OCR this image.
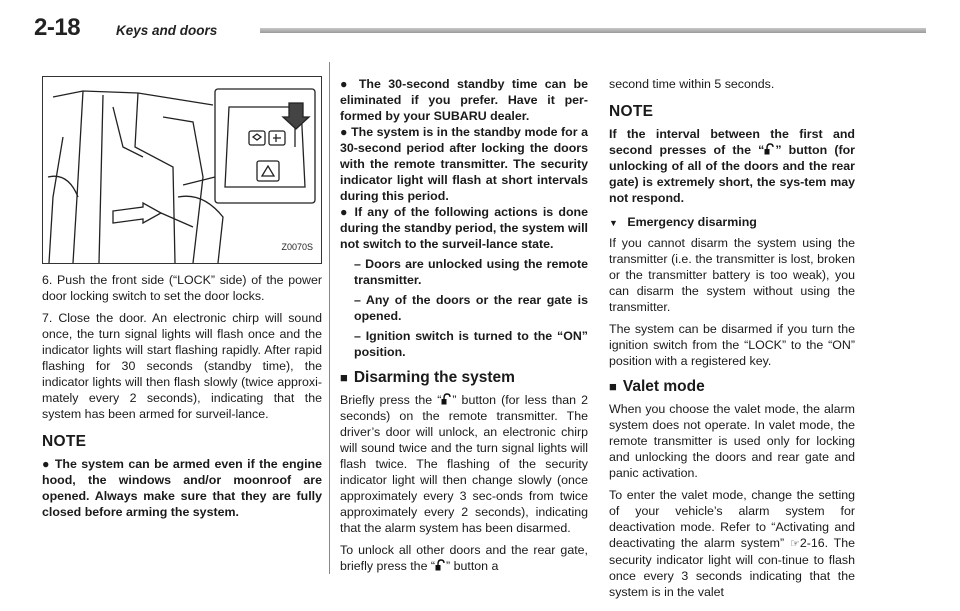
2-18	Keys and doors
Z0070S

6. Push the front side (“LOCK” side) of the power door locking switch to set the door locks.

7. Close the door. An electronic chirp will sound once, the turn signal lights will flash once and the indicator lights will start flashing rapidly. After rapid flashing for 30 seconds (standby time), the indicator lights will then flash slowly (twice approxi-mately every 2 seconds), indicating that the system has been armed for surveil-lance.

NOTE

● The system can be armed even if the engine hood, the windows and/or moonroof are opened. Always make sure that they are fully closed before arming the system.

● The 30-second standby time can be eliminated if you prefer. Have it per-formed by your SUBARU dealer.

● The system is in the standby mode for a 30-second period after locking the doors with the remote transmitter. The security indicator light will flash at short intervals during this period.

● If any of the following actions is done during the standby period, the system will not switch to the surveil-lance state.

– Doors are unlocked using the remote transmitter.

– Any of the doors or the rear gate is opened.

– Ignition switch is turned to the “ON” position.

■ Disarming the system

Briefly press the “ ” button (for less than 2 seconds) on the remote transmitter. The driver’s door will unlock, an electronic chirp will sound twice and the turn signal lights will flash twice. The flashing of the security indicator light will then change slowly (once approximately every 3 sec-onds from twice approximately every 2 seconds), indicating that the alarm system has been disarmed.

To unlock all other doors and the rear gate, briefly press the “ ” button a

second time within 5 seconds.

NOTE

If the interval between the first and second presses of the “ ” button (for unlocking of all of the doors and the rear gate) is extremely short, the sys-tem may not respond.

▼ Emergency disarming

If you cannot disarm the system using the transmitter (i.e. the transmitter is lost, broken or the transmitter battery is too weak), you can disarm the system without using the transmitter.

The system can be disarmed if you turn the ignition switch from the “LOCK” to the “ON” position with a registered key.

■ Valet mode

When you choose the valet mode, the alarm system does not operate. In valet mode, the remote transmitter is used only for locking and unlocking the doors and rear gate and panic activation.

To enter the valet mode, change the setting of your vehicle’s alarm system for deactivation mode. Refer to “Activating and deactivating the alarm system” ☞2-16. The security indicator light will con-tinue to flash once every 3 seconds indicating that the system is in the valet
